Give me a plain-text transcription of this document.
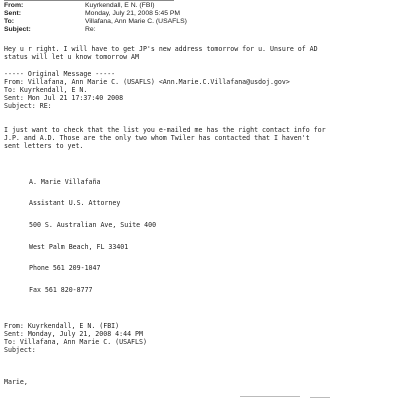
From:	Kuyrkendall, E N. (FBI)
Sent:	Monday, July 21, 2008 5:45 PM
To:	Villafana, Ann Marie C. (USAFLS)
Subject:	Re:
Hey u r right. I will have to get JP's new address tomorrow for u. Unsure of AD
status will let u know tomorrow AM
----- Original Message -----
From: Villafana, Ann Marie C. (USAFLS) <Ann.Marie.C.Villafana@usdoj.gov>
To: Kuyrkendall, E N.
Sent: Mon Jul 21 17:37:40 2008
Subject: RE:
I just want to check that the list you e-mailed me has the right contact info for
J.P. and A.D. Those are the only two whom Twiler has contacted that I haven't
sent letters to yet.
A. Marie Villafaña
Assistant U.S. Attorney
500 S. Australian Ave, Suite 400
West Palm Beach, FL 33401
Phone 561 209-1047
Fax 561 820-8777
From: Kuyrkendall, E N. (FBI)
Sent: Monday, July 21, 2008 4:44 PM
To: Villafana, Ann Marie C. (USAFLS)
Subject:
Marie,
